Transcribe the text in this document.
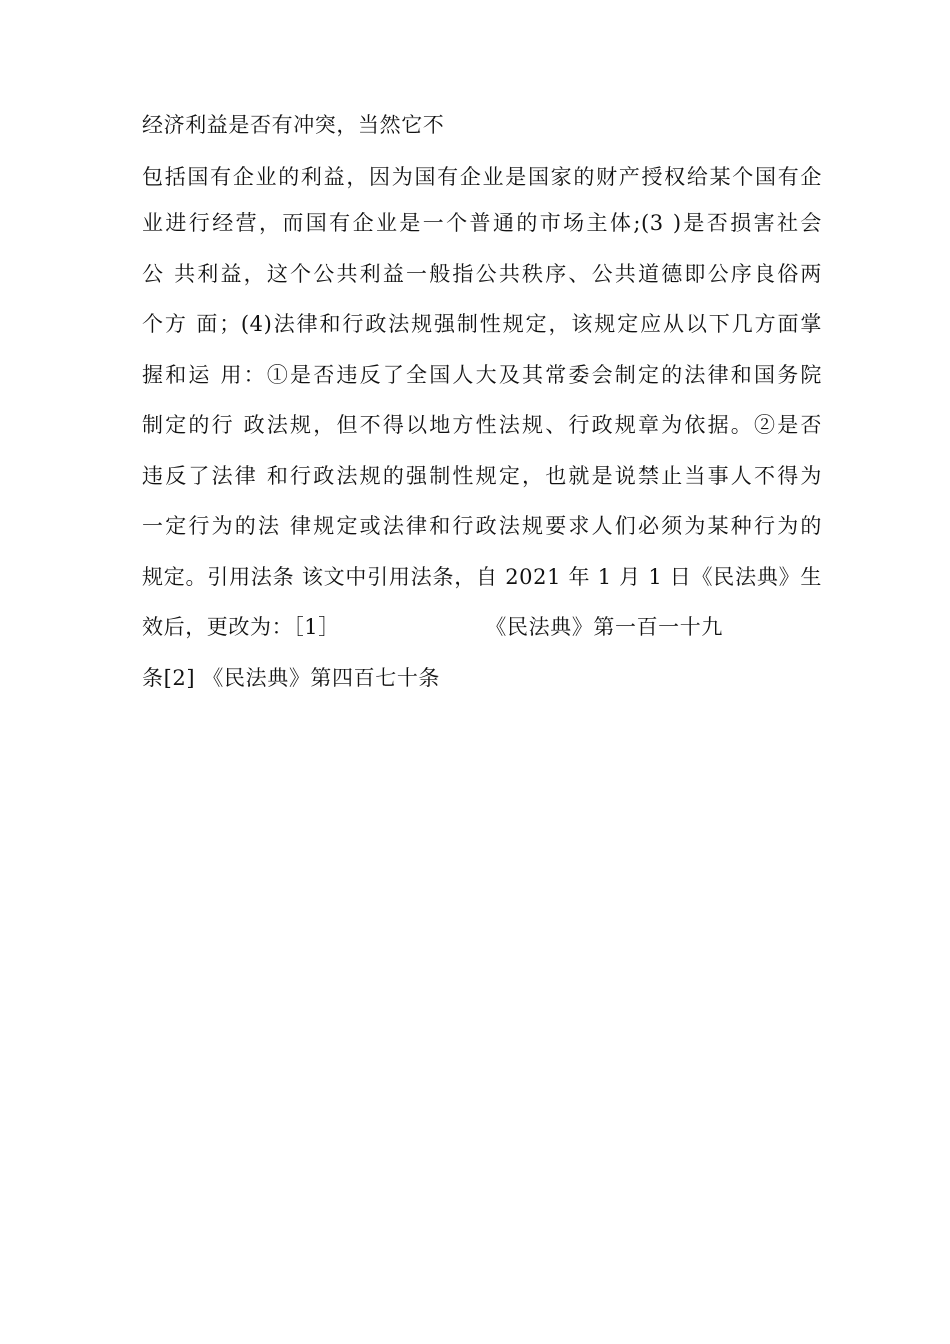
经济利益是否有冲突，当然它不
包括国有企业的利益，因为国有企业是国家的财产授权给某个国有企
业进行经营，而国有企业是一个普通的市场主体;(3 )是否损害社会
公 共利益，这个公共利益一般指公共秩序、公共道德即公序良俗两
个方 面；(4)法律和行政法规强制性规定，该规定应从以下几方面掌
握和运 用：①是否违反了全国人大及其常委会制定的法律和国务院
制定的行 政法规，但不得以地方性法规、行政规章为依据。②是否
违反了法律 和行政法规的强制性规定，也就是说禁止当事人不得为
一定行为的法 律规定或法律和行政法规要求人们必须为某种行为的
规定。引用法条 该文中引用法条，自 2021 年 1 月 1 日《民法典》生
效后，更改为：［1］                    《民法典》第一百一十九
条[2] 《民法典》第四百七十条
